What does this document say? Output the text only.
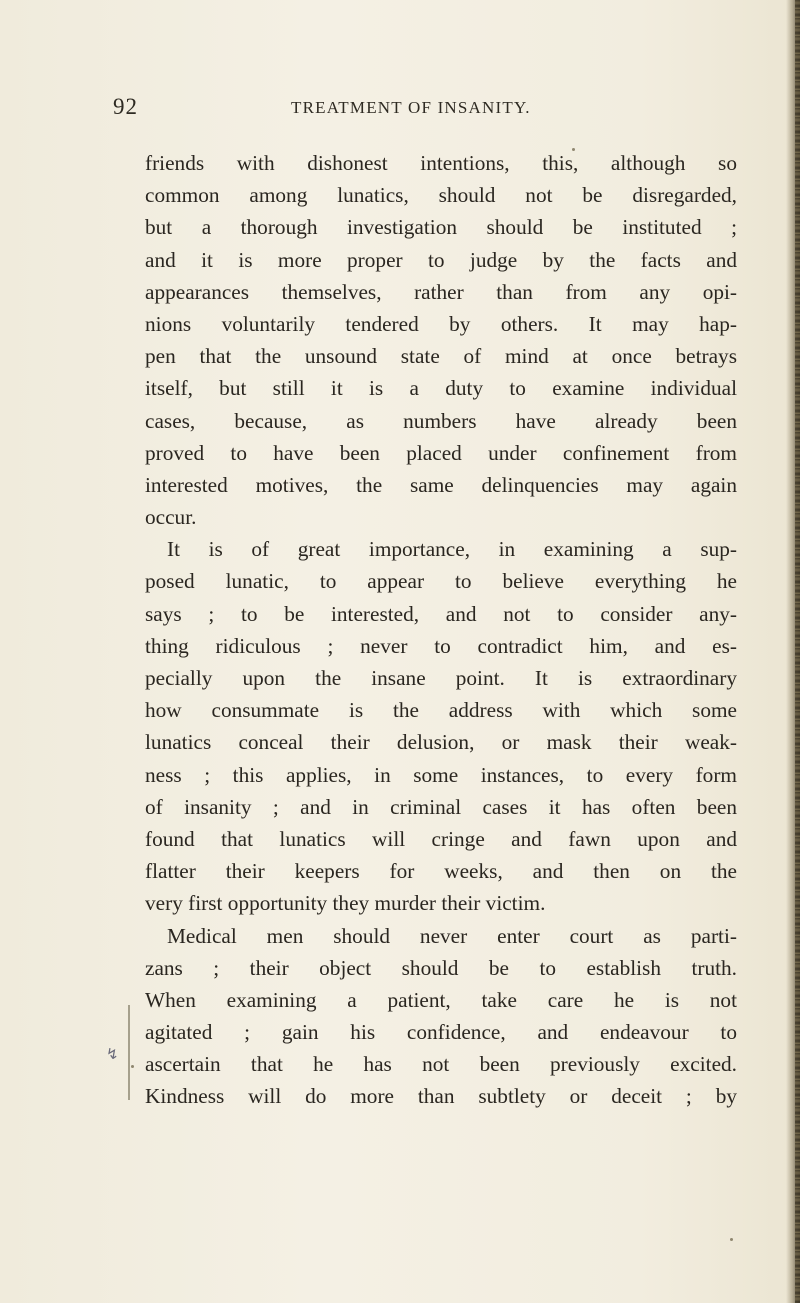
92	TREATMENT OF INSANITY.
friends with dishonest intentions, this, although so
common among lunatics, should not be disregarded,
but a thorough investigation should be instituted ;
and it is more proper to judge by the facts and
appearances themselves, rather than from any opi-
nions voluntarily tendered by others. It may hap-
pen that the unsound state of mind at once betrays
itself, but still it is a duty to examine individual
cases, because, as numbers have already been
proved to have been placed under confinement from
interested motives, the same delinquencies may again
occur.
It is of great importance, in examining a sup-
posed lunatic, to appear to believe everything he
says ; to be interested, and not to consider any-
thing ridiculous ; never to contradict him, and es-
pecially upon the insane point. It is extraordinary
how consummate is the address with which some
lunatics conceal their delusion, or mask their weak-
ness ; this applies, in some instances, to every form
of insanity ; and in criminal cases it has often been
found that lunatics will cringe and fawn upon and
flatter their keepers for weeks, and then on the
very first opportunity they murder their victim.
Medical men should never enter court as parti-
zans ; their object should be to establish truth.
When examining a patient, take care he is not
agitated ; gain his confidence, and endeavour to
ascertain that he has not been previously excited.
Kindness will do more than subtlety or deceit ; by
↯
